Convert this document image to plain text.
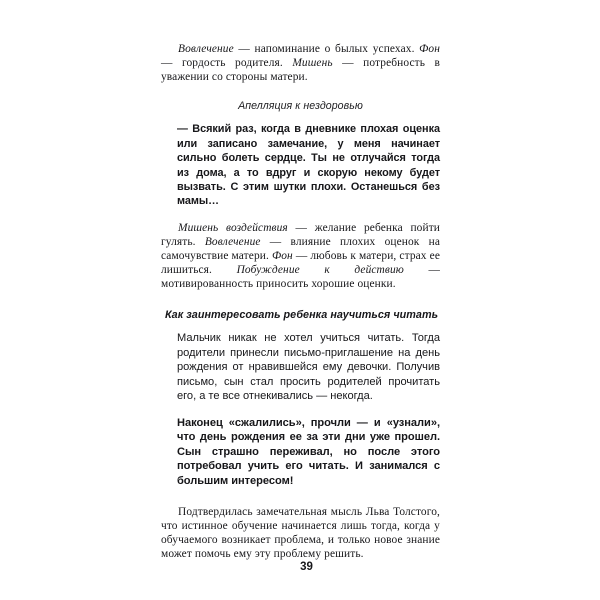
Вовлечение — напоминание о былых успехах. Фон — гордость родителя. Мишень — потребность в уважении со стороны матери.

Апелляция к нездоровью

— Всякий раз, когда в дневнике плохая оценка или записано замечание, у меня начинает сильно болеть сердце. Ты не отлучайся тогда из дома, а то вдруг и скорую некому будет вызвать. С этим шутки плохи. Останешься без мамы…

Мишень воздействия — желание ребенка пойти гулять. Вовлечение — влияние плохих оценок на самочувствие матери. Фон — любовь к матери, страх ее лишиться. Побуждение к действию — мотивированность приносить хорошие оценки.

Как заинтересовать ребенка научиться читать

Мальчик никак не хотел учиться читать. Тогда родители принесли письмо-приглашение на день рождения от нравившейся ему девочки. Получив письмо, сын стал просить родителей прочитать его, а те все отнекивались — некогда.

Наконец «сжалились», прочли — и «узнали», что день рождения ее за эти дни уже прошел. Сын страшно переживал, но после этого потребовал учить его читать. И занимался с большим интересом!

Подтвердилась замечательная мысль Льва Толстого, что истинное обучение начинается лишь тогда, когда у обучаемого возникает проблема, и только новое знание может помочь ему эту проблему решить.

39
